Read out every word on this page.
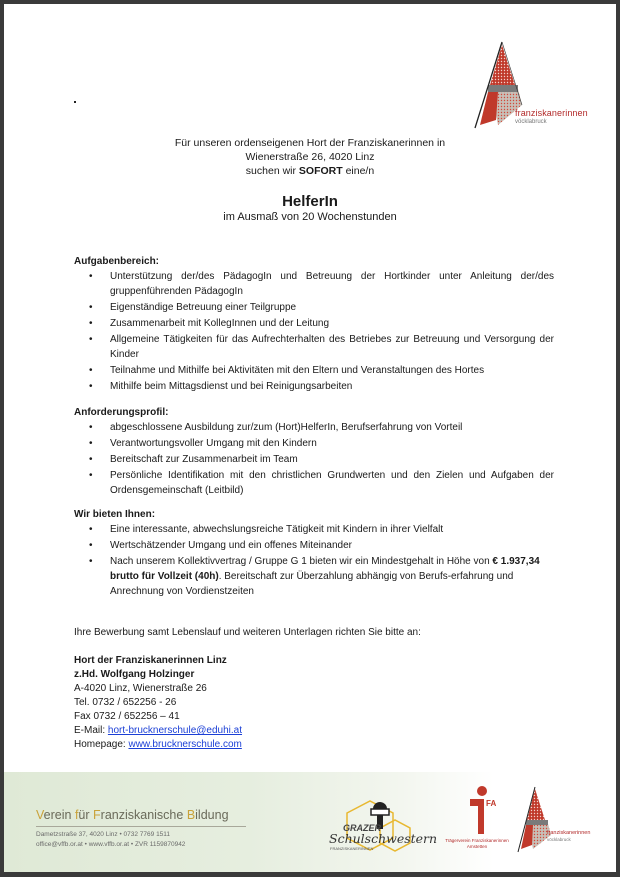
franziskanerinnen
vöcklabruck
Für unseren ordenseigenen Hort der Franziskanerinnen in
Wienerstraße 26, 4020 Linz
suchen wir SOFORT eine/n
HelferIn
im Ausmaß von 20 Wochenstunden
Aufgabenbereich:
• Unterstützung der/des PädagogIn und Betreuung der Hortkinder unter Anleitung der/des gruppenführenden PädagogIn
• Eigenständige Betreuung einer Teilgruppe
• Zusammenarbeit mit KollegInnen und der Leitung
• Allgemeine Tätigkeiten für das Aufrechterhalten des Betriebes zur Betreuung und Versorgung der Kinder
• Teilnahme und Mithilfe bei Aktivitäten mit den Eltern und Veranstaltungen des Hortes
• Mithilfe beim Mittagsdienst und bei Reinigungsarbeiten
Anforderungsprofil:
• abgeschlossene Ausbildung zur/zum (Hort)HelferIn, Berufserfahrung von Vorteil
• Verantwortungsvoller Umgang mit den Kindern
• Bereitschaft zur Zusammenarbeit im Team
• Persönliche Identifikation mit den christlichen Grundwerten und den Zielen und Aufgaben der Ordensgemeinschaft (Leitbild)
Wir bieten Ihnen:
• Eine interessante, abwechslungsreiche Tätigkeit mit Kindern in ihrer Vielfalt
• Wertschätzender Umgang und ein offenes Miteinander
• Nach unserem Kollektivvertrag / Gruppe G 1 bieten wir ein Mindestgehalt in Höhe von € 1.937,34 brutto für Vollzeit (40h). Bereitschaft zur Überzahlung abhängig von Berufs-erfahrung und Anrechnung von Vordienstzeiten
Ihre Bewerbung samt Lebenslauf und weiteren Unterlagen richten Sie bitte an:
Hort der Franziskanerinnen Linz
z.Hd. Wolfgang Holzinger
A-4020 Linz, Wienerstraße 26
Tel. 0732 / 652256 - 26
Fax 0732 / 652256 – 41
E-Mail: hort-brucknerschule@eduhi.at
Homepage: www.brucknerschule.com
Verein für Franziskanische Bildung
Dametzstraße 37, 4020 Linz • 0732 7769 1511
office@vffb.or.at • www.vffb.or.at • ZVR 1159870942
GRAZER
Schulschwestern
FRANZISKANERINNEN
FA
Trägerverein Franziskanerinnen Amstetten
franziskanerinnen
vöcklabruck
